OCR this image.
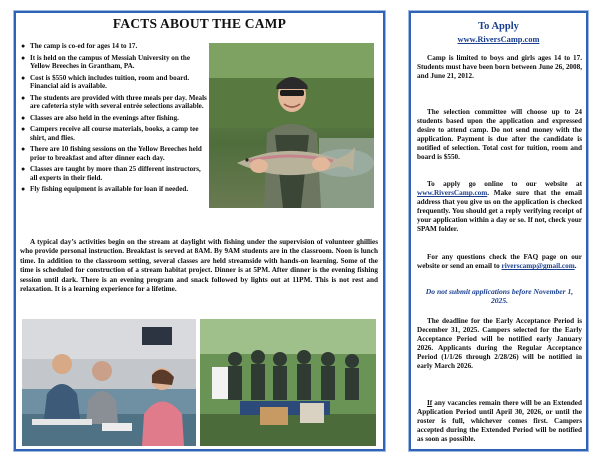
FACTS ABOUT THE CAMP
● The camp is co-ed for ages 14 to 17.
● It is held on the campus of Messiah University on the Yellow Breeches in Grantham, PA.
● Cost is $550 which includes tuition, room and board. Financial aid is available.
● The students are provided with three meals per day. Meals are cafeteria style with several entrée selections available.
● Classes are also held in the evenings after fishing.
● Campers receive all course materials, books, a camp tee shirt, and flies.
● There are 10 fishing sessions on the Yellow Breeches held prior to breakfast and after dinner each day.
● Classes are taught by more than 25 different instructors, all experts in their field.
● Fly fishing equipment is available for loan if needed.
A typical day’s activities begin on the stream at daylight with fishing under the supervision of volunteer ghillies who provide personal instruction. Breakfast is served at 8AM. By 9AM students are in the classroom. Noon is lunch time. In addition to the classroom setting, several classes are held streamside with hands-on learning. Some of the time is scheduled for construction of a stream habitat project. Dinner is at 5PM. After dinner is the evening fishing session until dark. There is an evening program and snack followed by lights out at 11PM. This is not rest and relaxation. It is a learning experience for a lifetime.
To Apply
www.RiversCamp.com

Camp is limited to boys and girls ages 14 to 17. Students must have been born between June 26, 2008, and June 21, 2012.

The selection committee will choose up to 24 students based upon the application and expressed desire to attend camp. Do not send money with the application. Payment is due after the candidate is notified of selection. Total cost for tuition, room and board is $550.

To apply go online to our website at www.RiversCamp.com. Make sure that the email address that you give us on the application is checked frequently. You should get a reply verifying receipt of your application within a day or so. If not, check your SPAM folder.

For any questions check the FAQ page on our website or send an email to riverscamp@gmail.com.

Do not submit applications before November 1, 2025.

The deadline for the Early Acceptance Period is December 31, 2025. Campers selected for the Early Acceptance Period will be notified early January 2026. Applicants during the Regular Acceptance Period (1/1/26 through 2/28/26) will be notified in early March 2026.

If any vacancies remain there will be an Extended Application Period until April 30, 2026, or until the roster is full, whichever comes first. Campers accepted during the Extended Period will be notified as soon as possible.
